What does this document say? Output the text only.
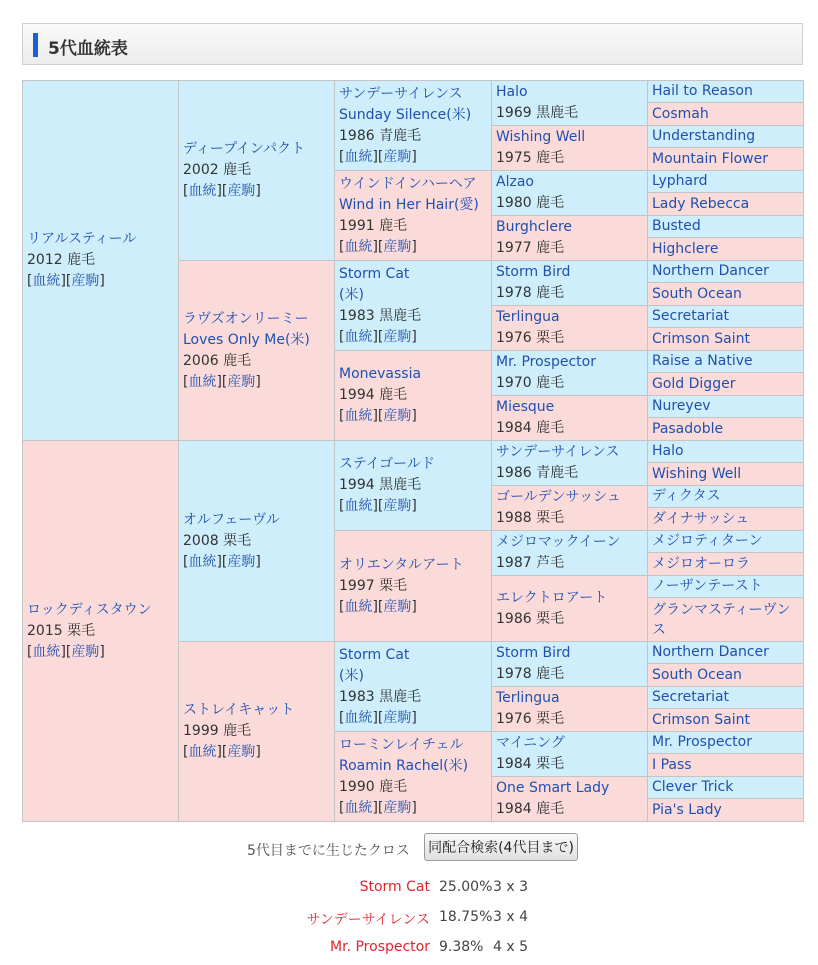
5代血統表
リアルスティール
2012 鹿毛
[血統][産駒]	ディープインパクト
2002 鹿毛
[血統][産駒]	サンデーサイレンス
Sunday Silence(米)
1986 青鹿毛
[血統][産駒]	Halo
1969 黒鹿毛	Hail to Reason
				Cosmah
			Wishing Well
1975 鹿毛	Understanding
				Mountain Flower
		ウインドインハーヘア
Wind in Her Hair(愛)
1991 鹿毛
[血統][産駒]	Alzao
1980 鹿毛	Lyphard
				Lady Rebecca
			Burghclere
1977 鹿毛	Busted
				Highclere
	ラヴズオンリーミー
Loves Only Me(米)
2006 鹿毛
[血統][産駒]	Storm Cat
(米)
1983 黒鹿毛
[血統][産駒]	Storm Bird
1978 鹿毛	Northern Dancer
				South Ocean
			Terlingua
1976 栗毛	Secretariat
				Crimson Saint
		Monevassia
1994 鹿毛
[血統][産駒]	Mr. Prospector
1970 鹿毛	Raise a Native
				Gold Digger
			Miesque
1984 鹿毛	Nureyev
				Pasadoble
ロックディスタウン
2015 栗毛
[血統][産駒]	オルフェーヴル
2008 栗毛
[血統][産駒]	ステイゴールド
1994 黒鹿毛
[血統][産駒]	サンデーサイレンス
1986 青鹿毛	Halo
				Wishing Well
			ゴールデンサッシュ
1988 栗毛	ディクタス
				ダイナサッシュ
		オリエンタルアート
1997 栗毛
[血統][産駒]	メジロマックイーン
1987 芦毛	メジロティターン
				メジロオーロラ
			エレクトロアート
1986 栗毛	ノーザンテースト
				グランマスティーヴンス

	ストレイキャット
1999 鹿毛
[血統][産駒]	Storm Cat
(米)
1983 黒鹿毛
[血統][産駒]	Storm Bird
1978 鹿毛	Northern Dancer
				South Ocean
			Terlingua
1976 栗毛	Secretariat
				Crimson Saint
		ローミンレイチェル
Roamin Rachel(米)
1990 鹿毛
[血統][産駒]	マイニング
1984 栗毛	Mr. Prospector
				I Pass
			One Smart Lady
1984 鹿毛	Clever Trick
				Pia's Lady
5代目までに生じたクロス 同配合検索(4代目まで)
Storm Cat 25.00% 3 x 3
サンデーサイレンス 18.75% 3 x 4
Mr. Prospector 9.38% 4 x 5
